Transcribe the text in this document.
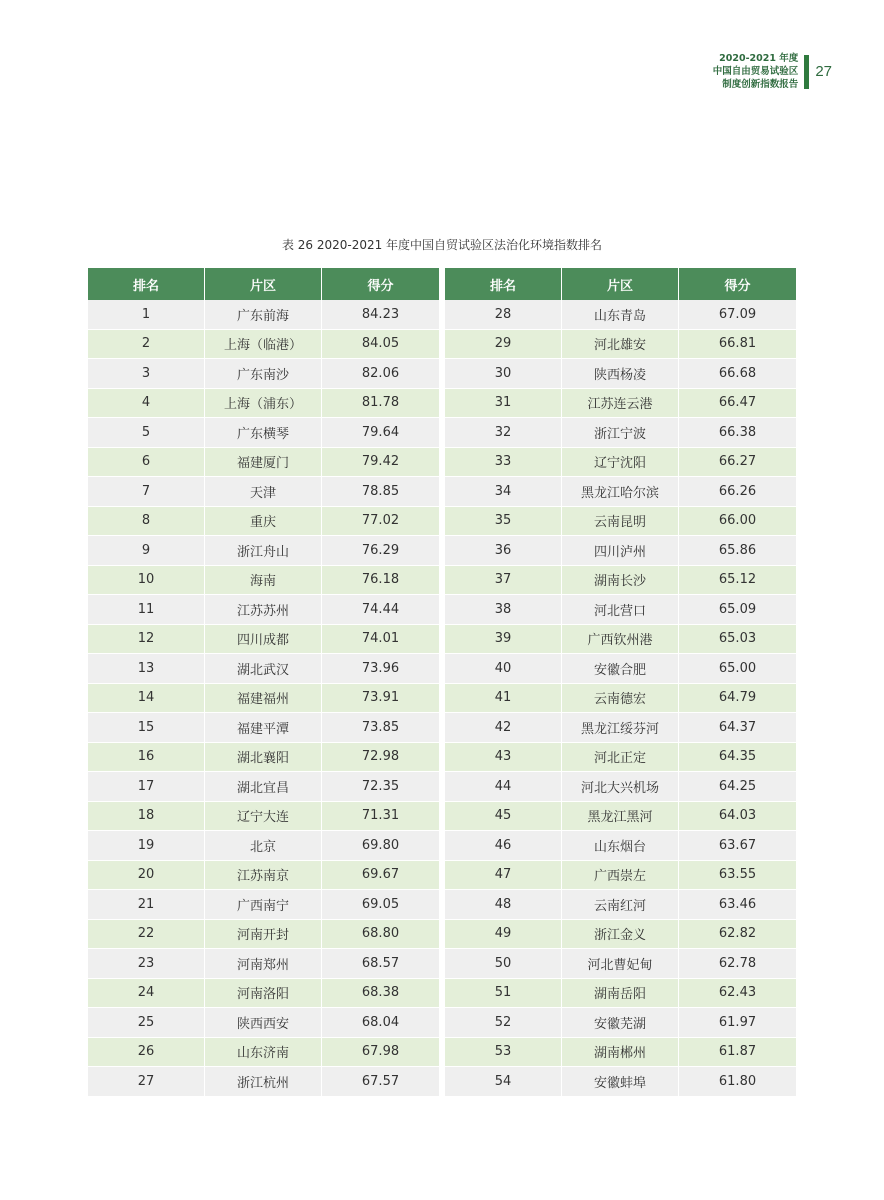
2020-2021 年度
中国自由贸易试验区
制度创新指数报告
27
表 26 2020-2021 年度中国自贸试验区法治化环境指数排名
排名	片区	得分
1	广东前海	84.23
2	上海（临港）	84.05
3	广东南沙	82.06
4	上海（浦东）	81.78
5	广东横琴	79.64
6	福建厦门	79.42
7	天津	78.85
8	重庆	77.02
9	浙江舟山	76.29
10	海南	76.18
11	江苏苏州	74.44
12	四川成都	74.01
13	湖北武汉	73.96
14	福建福州	73.91
15	福建平潭	73.85
16	湖北襄阳	72.98
17	湖北宜昌	72.35
18	辽宁大连	71.31
19	北京	69.80
20	江苏南京	69.67
21	广西南宁	69.05
22	河南开封	68.80
23	河南郑州	68.57
24	河南洛阳	68.38
25	陕西西安	68.04
26	山东济南	67.98
27	浙江杭州	67.57
排名	片区	得分
28	山东青岛	67.09
29	河北雄安	66.81
30	陕西杨凌	66.68
31	江苏连云港	66.47
32	浙江宁波	66.38
33	辽宁沈阳	66.27
34	黑龙江哈尔滨	66.26
35	云南昆明	66.00
36	四川泸州	65.86
37	湖南长沙	65.12
38	河北营口	65.09
39	广西钦州港	65.03
40	安徽合肥	65.00
41	云南德宏	64.79
42	黑龙江绥芬河	64.37
43	河北正定	64.35
44	河北大兴机场	64.25
45	黑龙江黑河	64.03
46	山东烟台	63.67
47	广西崇左	63.55
48	云南红河	63.46
49	浙江金义	62.82
50	河北曹妃甸	62.78
51	湖南岳阳	62.43
52	安徽芜湖	61.97
53	湖南郴州	61.87
54	安徽蚌埠	61.80
